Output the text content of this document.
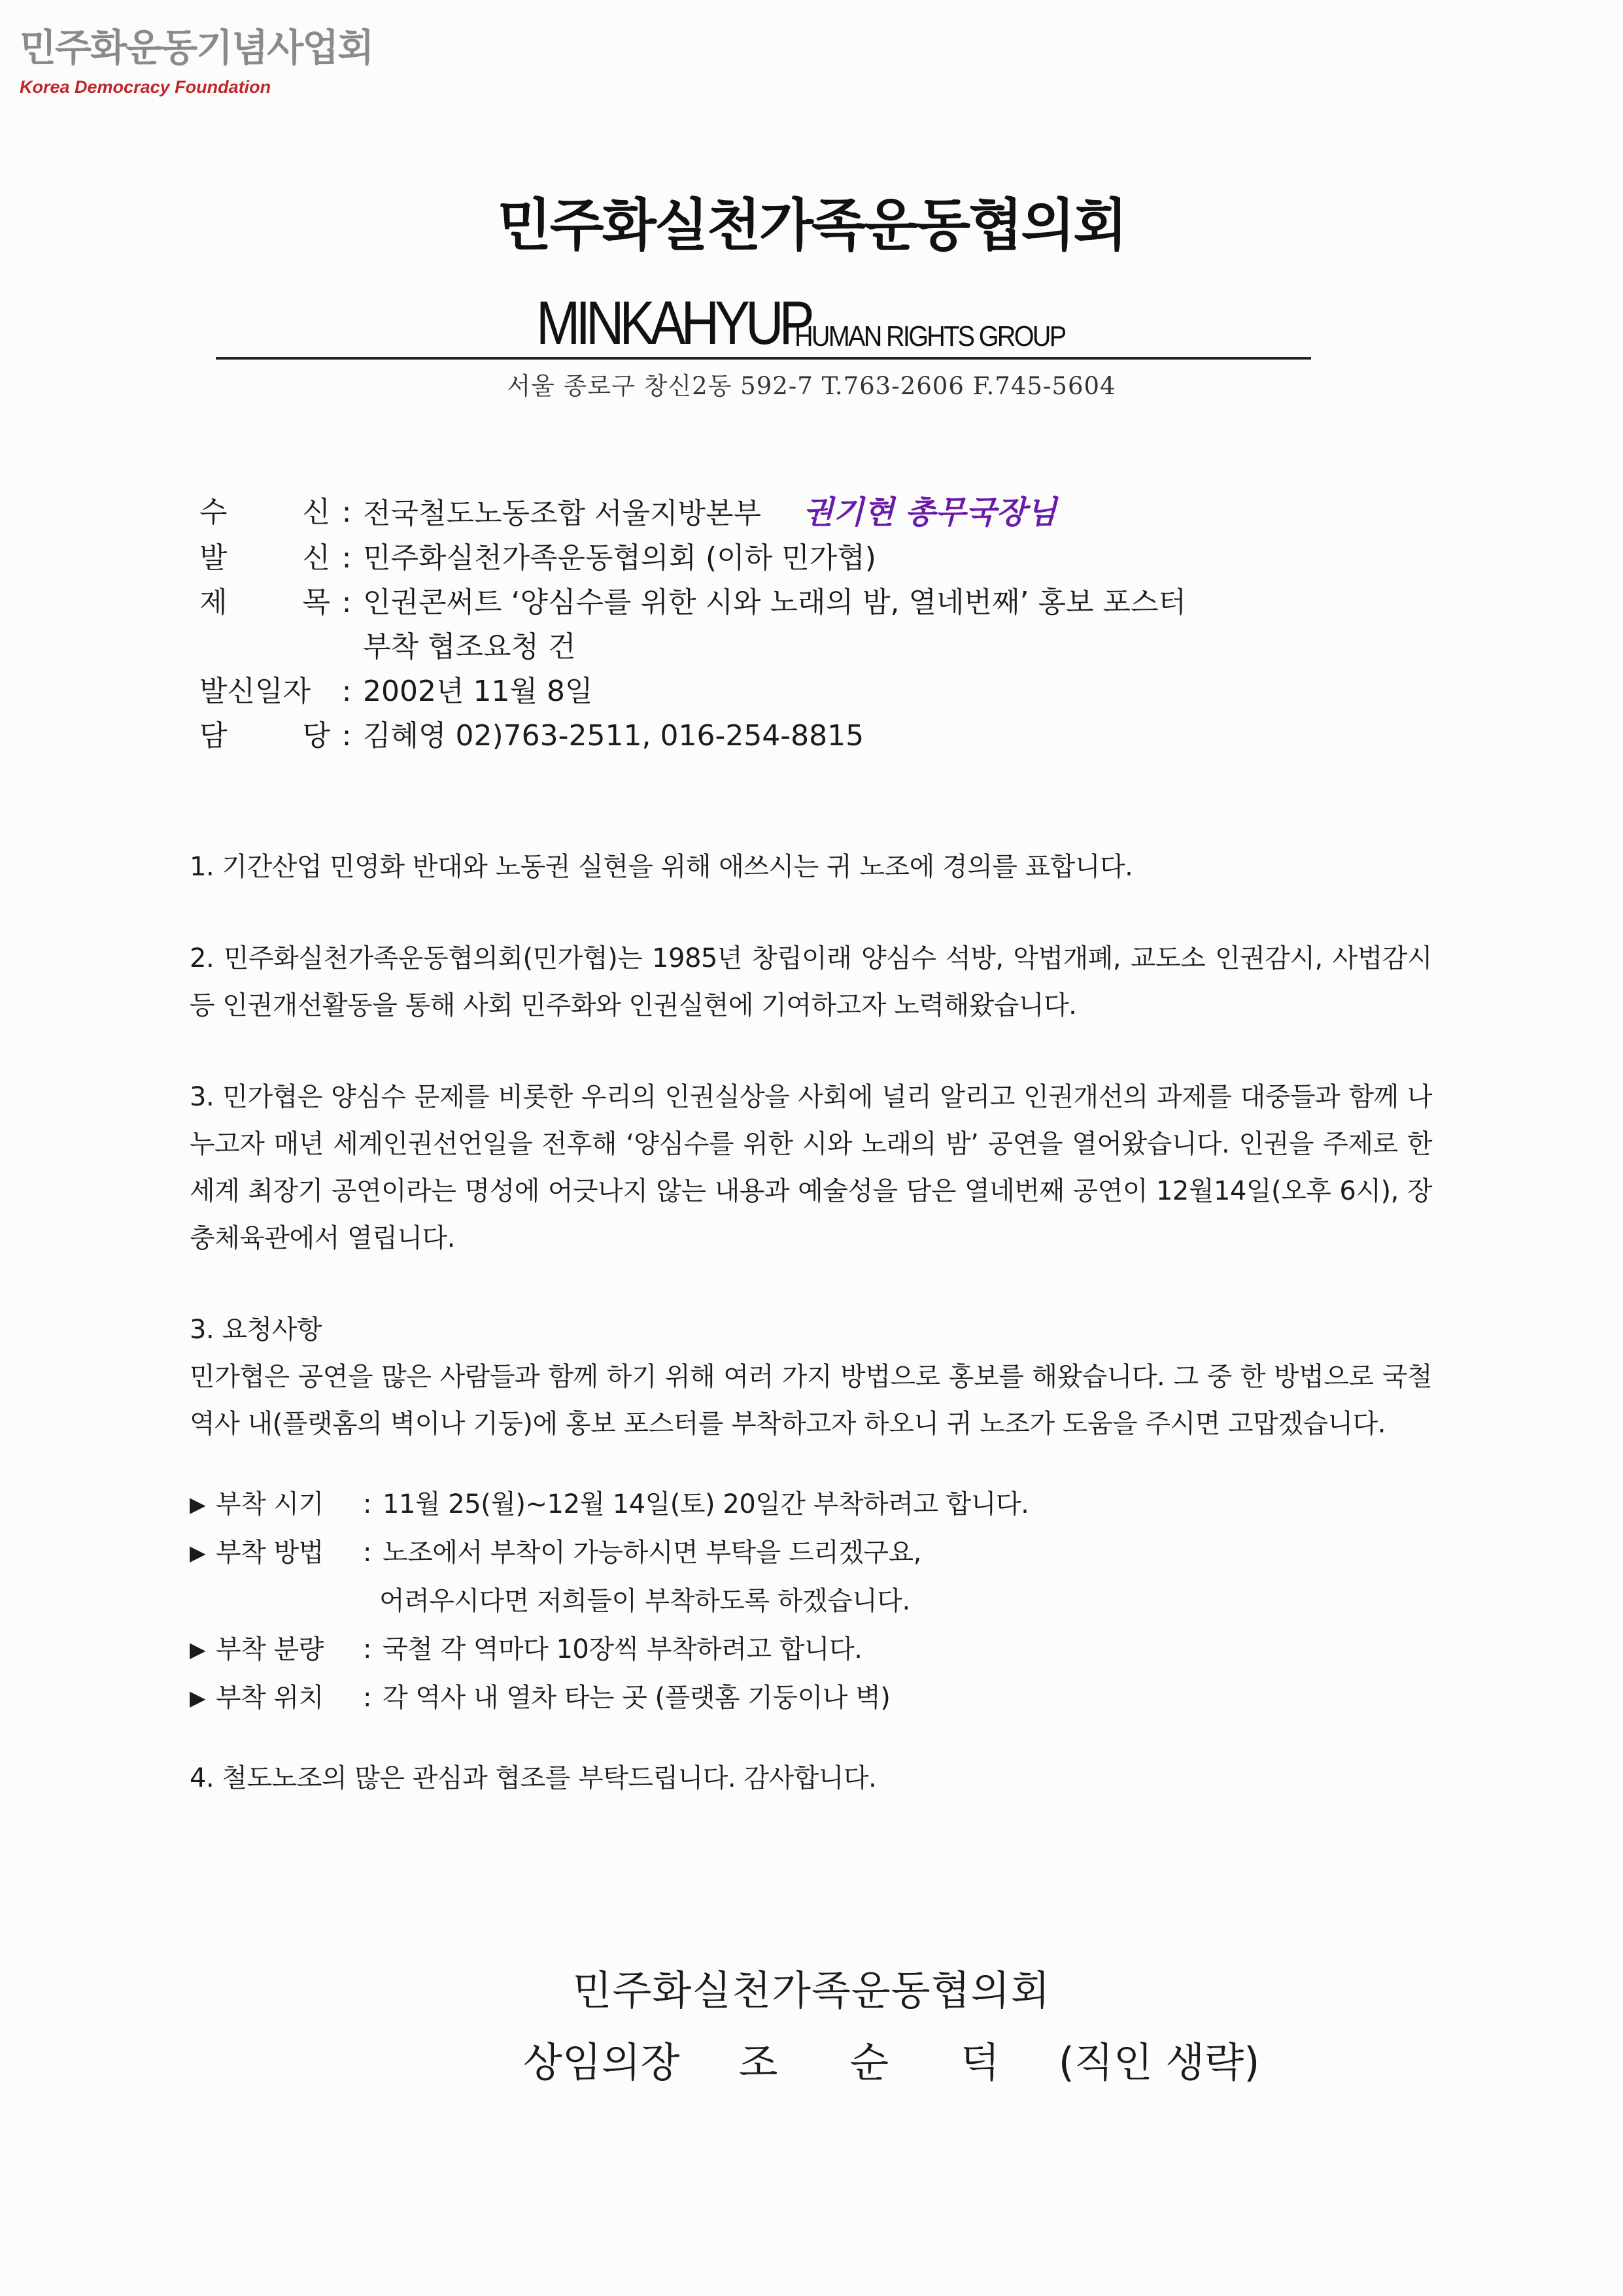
민주화운동기념사업회
Korea Democracy Foundation
민주화실천가족운동협의회
MINKAHYUP
HUMAN RIGHTS GROUP
서울 종로구 창신2동 592-7 T.763-2606 F.745-5604
수	신 : 전국철도노동조합 서울지방본부 권기현 총무국장님
발	신 : 민주화실천가족운동협의회 (이하 민가협)
제	목 : 인권콘써트 ‘양심수를 위한 시와 노래의 밤, 열네번째’ 홍보 포스터 부착 협조요청 건
발신일자	: 2002년 11월 8일
담	당 : 김혜영 02)763-2511, 016-254-8815

1. 기간산업 민영화 반대와 노동권 실현을 위해 애쓰시는 귀 노조에 경의를 표합니다.

2. 민주화실천가족운동협의회(민가협)는 1985년 창립이래 양심수 석방, 악법개폐, 교도소 인권감시, 사법감시 등 인권개선활동을 통해 사회 민주화와 인권실현에 기여하고자 노력해왔습니다.

3. 민가협은 양심수 문제를 비롯한 우리의 인권실상을 사회에 널리 알리고 인권개선의 과제를 대중들과 함께 나누고자 매년 세계인권선언일을 전후해 ‘양심수를 위한 시와 노래의 밤’ 공연을 열어왔습니다. 인권을 주제로 한 세계 최장기 공연이라는 명성에 어긋나지 않는 내용과 예술성을 담은 열네번째 공연이 12월14일(오후 6시), 장충체육관에서 열립니다.

3. 요청사항

민가협은 공연을 많은 사람들과 함께 하기 위해 여러 가지 방법으로 홍보를 해왔습니다. 그 중 한 방법으로 국철 역사 내(플랫홈의 벽이나 기둥)에 홍보 포스터를 부착하고자 하오니 귀 노조가 도움을 주시면 고맙겠습니다.

▶ 부착 시기	: 11월 25(월)~12월 14일(토) 20일간 부착하려고 합니다.
▶ 부착 방법	: 노조에서 부착이 가능하시면 부탁을 드리겠구요,
어려우시다면 저희들이 부착하도록 하겠습니다.
▶ 부착 분량	: 국철 각 역마다 10장씩 부착하려고 합니다.
▶ 부착 위치	: 각 역사 내 열차 타는 곳 (플랫홈 기둥이나 벽)

4. 철도노조의 많은 관심과 협조를 부탁드립니다. 감사합니다.

민주화실천가족운동협의회
상임의장 조 순 덕	(직인 생략)
